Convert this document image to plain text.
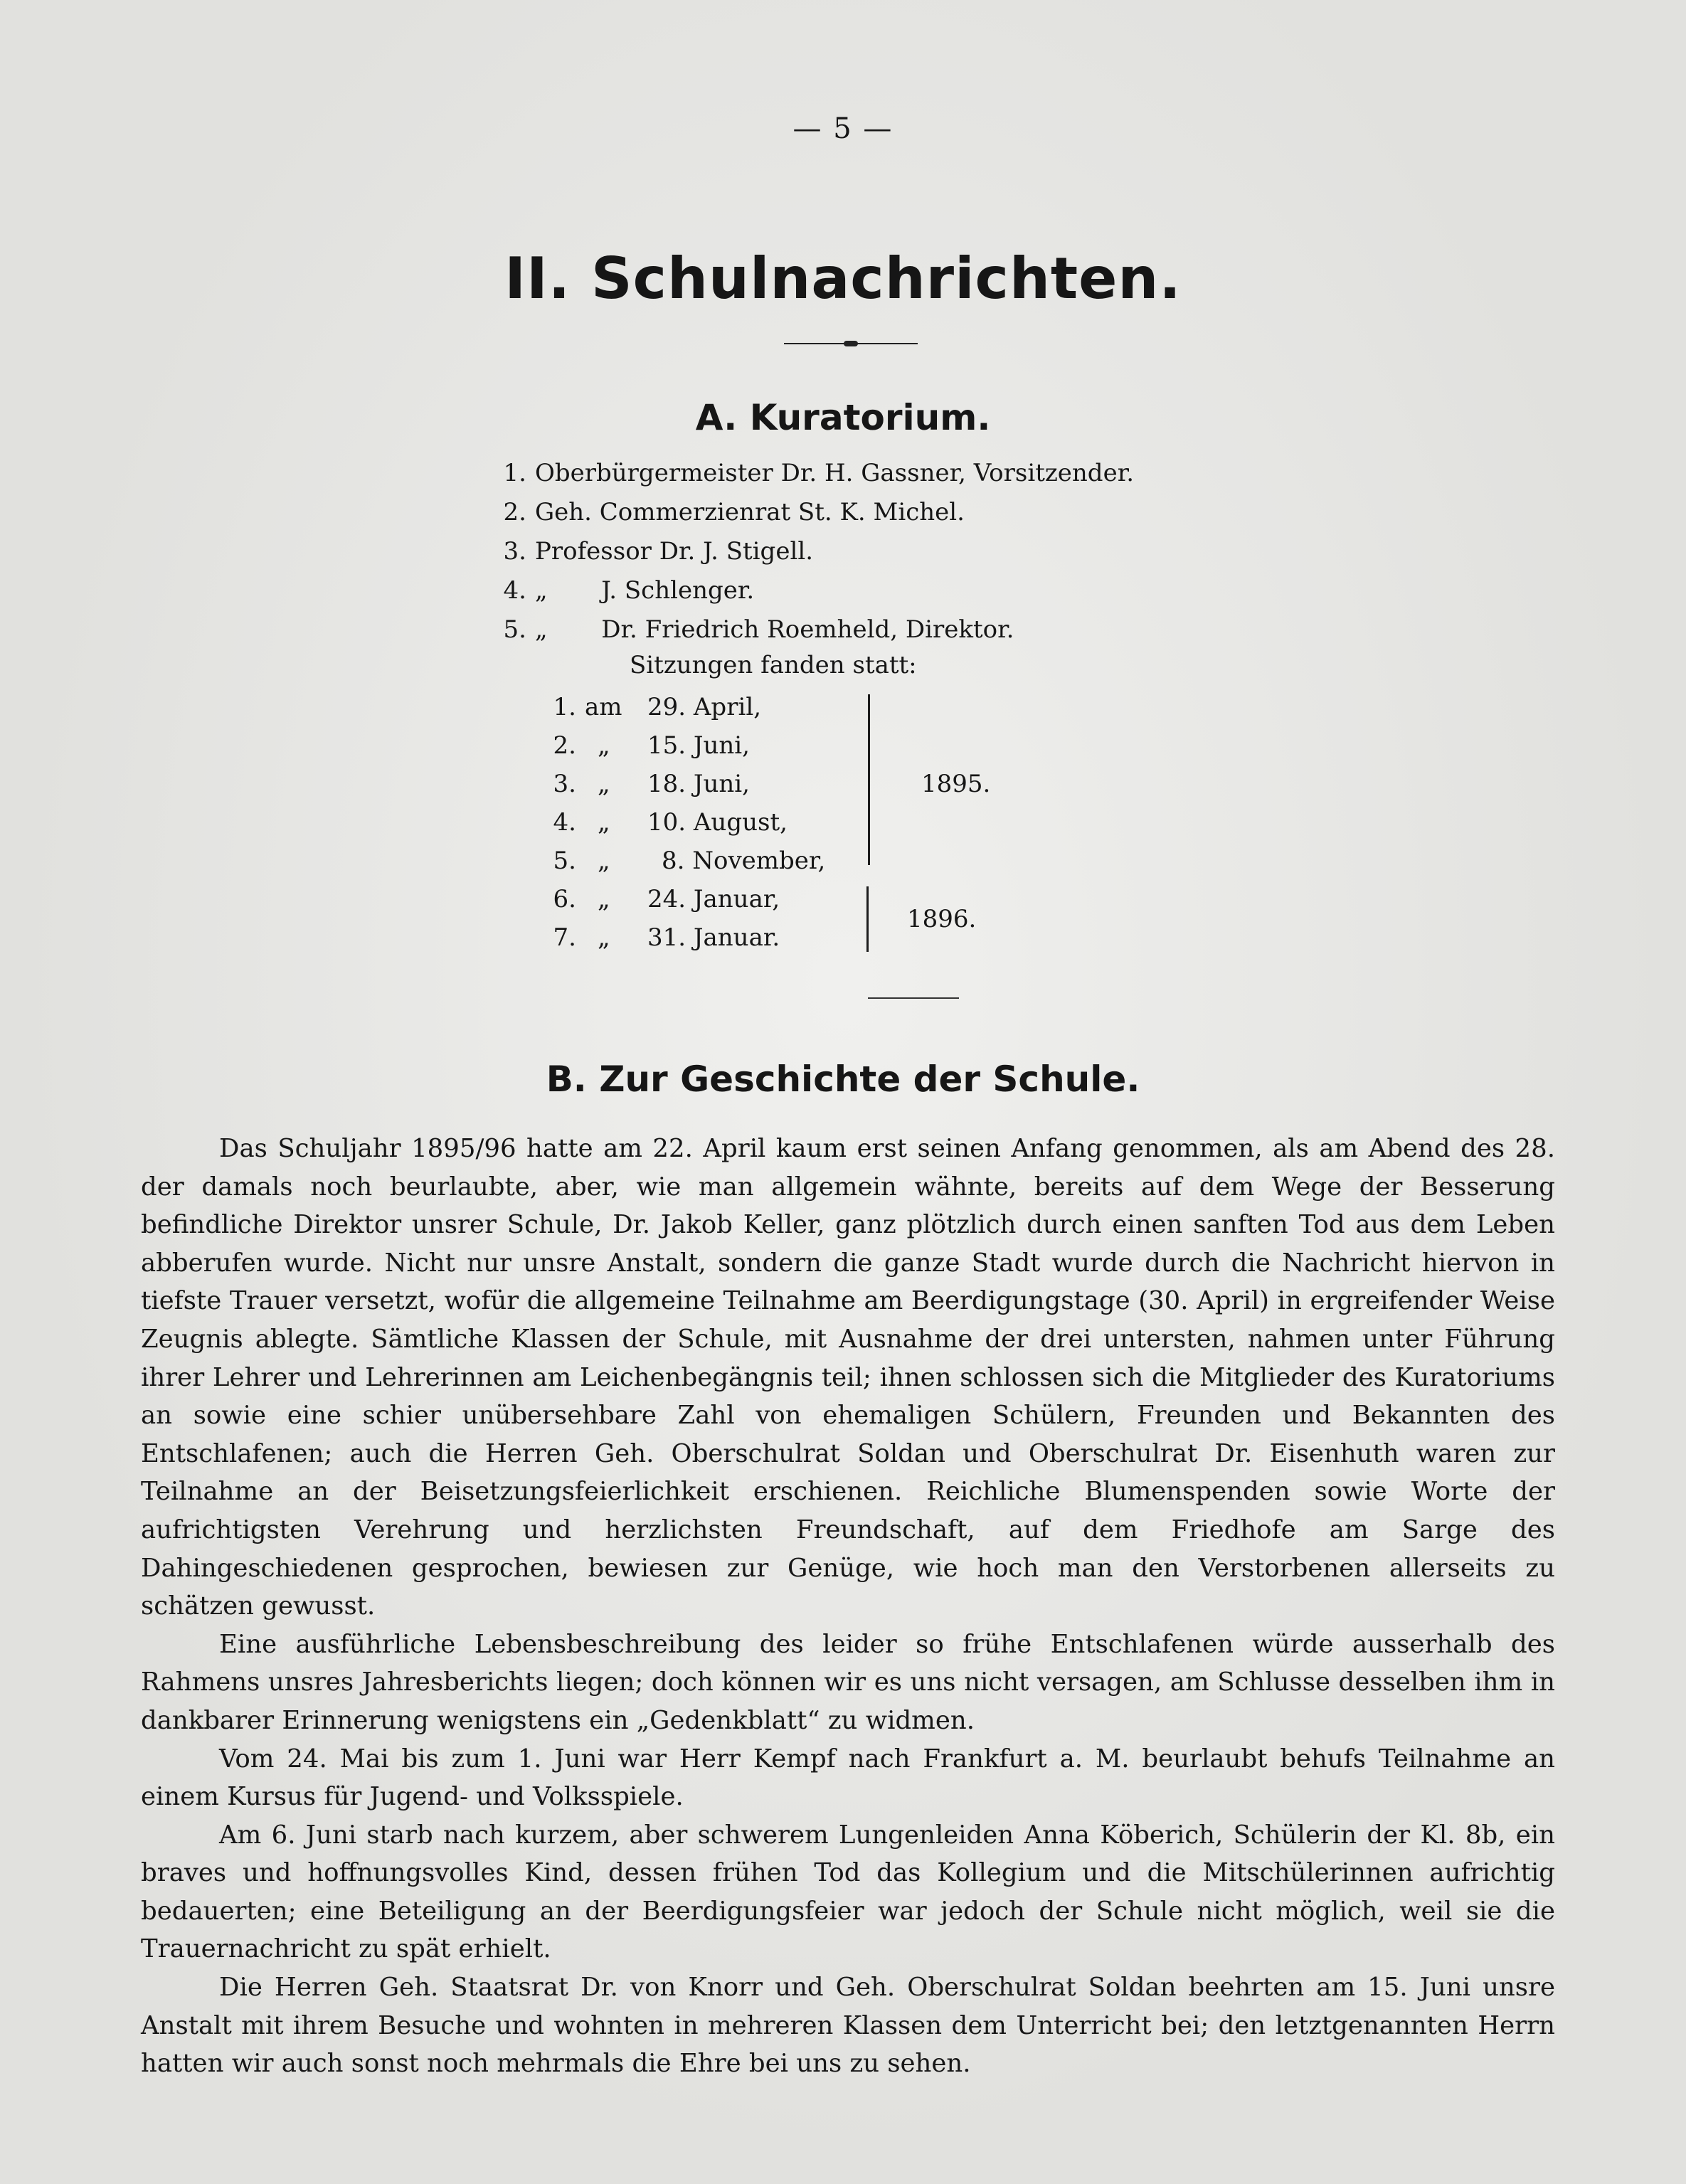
— 5 —
II. Schulnachrichten.
A. Kuratorium.
1. Oberbürgermeister Dr. H. Gassner, Vorsitzender.
2. Geh. Commerzienrat St. K. Michel.
3. Professor Dr. J. Stigell.
4. „       J. Schlenger.
5. „       Dr. Friedrich Roemheld, Direktor.
Sitzungen fanden statt:
1. am 29. April,
2. „ 15. Juni,
3. „ 18. Juni,
4. „ 10. August,
5. „ 8. November,
6. „ 24. Januar,
7. „ 31. Januar.
1895.
1896.
B. Zur Geschichte der Schule.

Das Schuljahr 1895/96 hatte am 22. April kaum erst seinen Anfang genommen, als am Abend des 28. der damals noch beurlaubte, aber, wie man allgemein wähnte, bereits auf dem Wege der Besserung befindliche Direktor unsrer Schule, Dr. Jakob Keller, ganz plötzlich durch einen sanften Tod aus dem Leben abberufen wurde. Nicht nur unsre Anstalt, sondern die ganze Stadt wurde durch die Nachricht hiervon in tiefste Trauer versetzt, wofür die allgemeine Teilnahme am Beerdigungstage (30. April) in ergreifender Weise Zeugnis ablegte. Sämtliche Klassen der Schule, mit Ausnahme der drei untersten, nahmen unter Führung ihrer Lehrer und Lehrerinnen am Leichenbegängnis teil; ihnen schlossen sich die Mitglieder des Kuratoriums an sowie eine schier unübersehbare Zahl von ehemaligen Schülern, Freunden und Bekannten des Entschlafenen; auch die Herren Geh. Oberschulrat Soldan und Oberschulrat Dr. Eisenhuth waren zur Teilnahme an der Beisetzungsfeierlichkeit erschienen. Reichliche Blumenspenden sowie Worte der aufrichtigsten Verehrung und herzlichsten Freundschaft, auf dem Friedhofe am Sarge des Dahingeschiedenen gesprochen, bewiesen zur Genüge, wie hoch man den Verstorbenen allerseits zu schätzen gewusst.

Eine ausführliche Lebensbeschreibung des leider so frühe Entschlafenen würde ausserhalb des Rahmens unsres Jahresberichts liegen; doch können wir es uns nicht versagen, am Schlusse desselben ihm in dankbarer Erinnerung wenigstens ein „Gedenkblatt“ zu widmen.

Vom 24. Mai bis zum 1. Juni war Herr Kempf nach Frankfurt a. M. beurlaubt behufs Teilnahme an einem Kursus für Jugend- und Volksspiele.

Am 6. Juni starb nach kurzem, aber schwerem Lungenleiden Anna Köberich, Schülerin der Kl. 8b, ein braves und hoffnungsvolles Kind, dessen frühen Tod das Kollegium und die Mitschülerinnen aufrichtig bedauerten; eine Beteiligung an der Beerdigungsfeier war jedoch der Schule nicht möglich, weil sie die Trauernachricht zu spät erhielt.

Die Herren Geh. Staatsrat Dr. von Knorr und Geh. Oberschulrat Soldan beehrten am 15. Juni unsre Anstalt mit ihrem Besuche und wohnten in mehreren Klassen dem Unterricht bei; den letztgenannten Herrn hatten wir auch sonst noch mehrmals die Ehre bei uns zu sehen.
